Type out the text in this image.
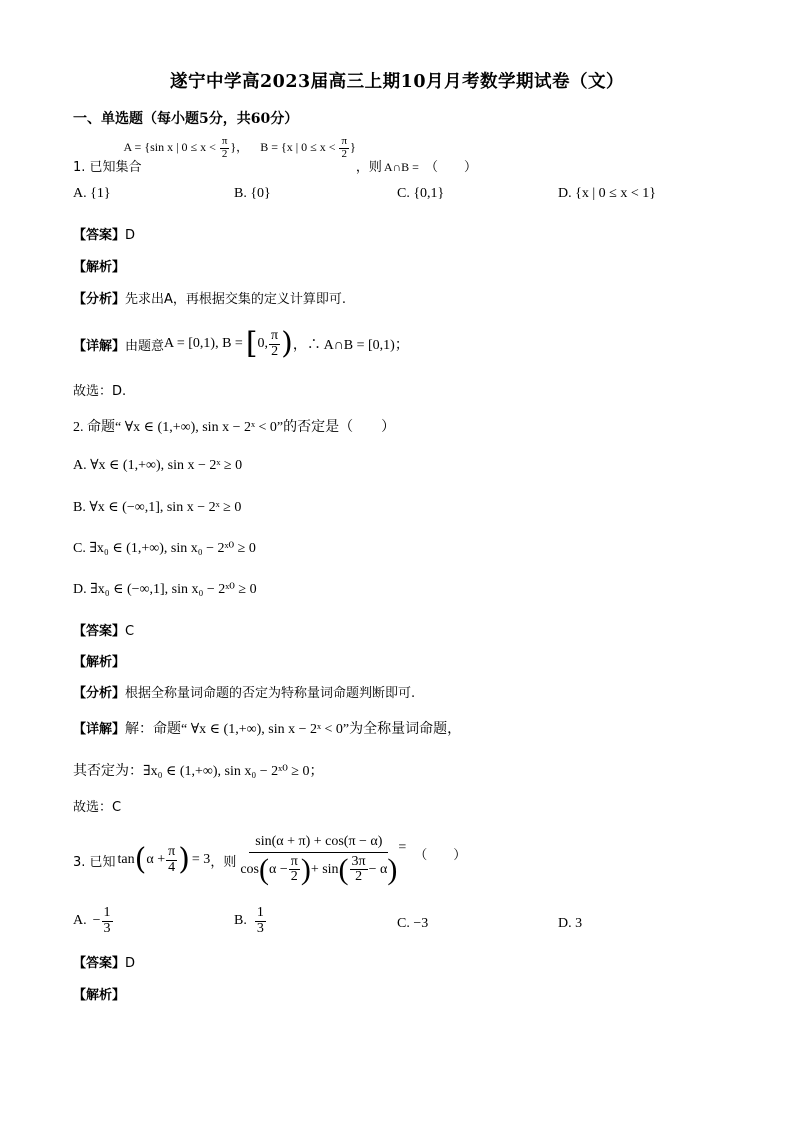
遂宁中学高2023届高三上期10月月考数学期试卷（文）
一、单选题（每小题5分，共60分）
1. 已知集合
A = {sin x | $0 \le x < \frac{\pi}{2}$ }， B = {x | $0 \le x < \frac{\pi}{2}$ }
，则 A∩B = （　　）
A. {1}	B. {0}	C. {0,1}	D. {x | 0 ≤ x < 1}
【答案】D
【解析】
【分析】先求出A，再根据交集的定义计算即可.
【详解】 由题意 A = [0,1), B = [ 0, $\frac{\pi}{2}$ ) ，∴ A∩B = [0,1)；
故选：D.
2. 命题“ ∀x ∈ (1,+∞), sin x − 2ˣ < 0”的否定是（　　）
A. ∀x ∈ (1,+∞), sin x − 2ˣ ≥ 0
B. ∀x ∈ (−∞,1], sin x − 2ˣ ≥ 0
C. ∃x₀ ∈ (1,+∞), sin x₀ − 2ˣ⁰ ≥ 0
D. ∃x₀ ∈ (−∞,1], sin x₀ − 2ˣ⁰ ≥ 0
【答案】C
【解析】
【分析】根据全称量词命题的否定为特称量词命题判断即可.
【详解】解：命题“ ∀x ∈ (1,+∞), sin x − 2ˣ < 0”为全称量词命题，
其否定为：∃x₀ ∈ (1,+∞), sin x₀ − 2ˣ⁰ ≥ 0；
故选：C
3. 已知 tan ( $\alpha + \frac{\pi}{4}$ ) = 3 ，则
sin(α + π) + cos(π − α)
cos ( $\alpha - \frac{\pi}{2}$ ) + sin ( $\frac{3\pi}{2} - \alpha$ )
= （　　）
A. − $\frac{1}{3}$	B. $\frac{1}{3}$	C. −3	D. 3
【答案】D
【解析】
